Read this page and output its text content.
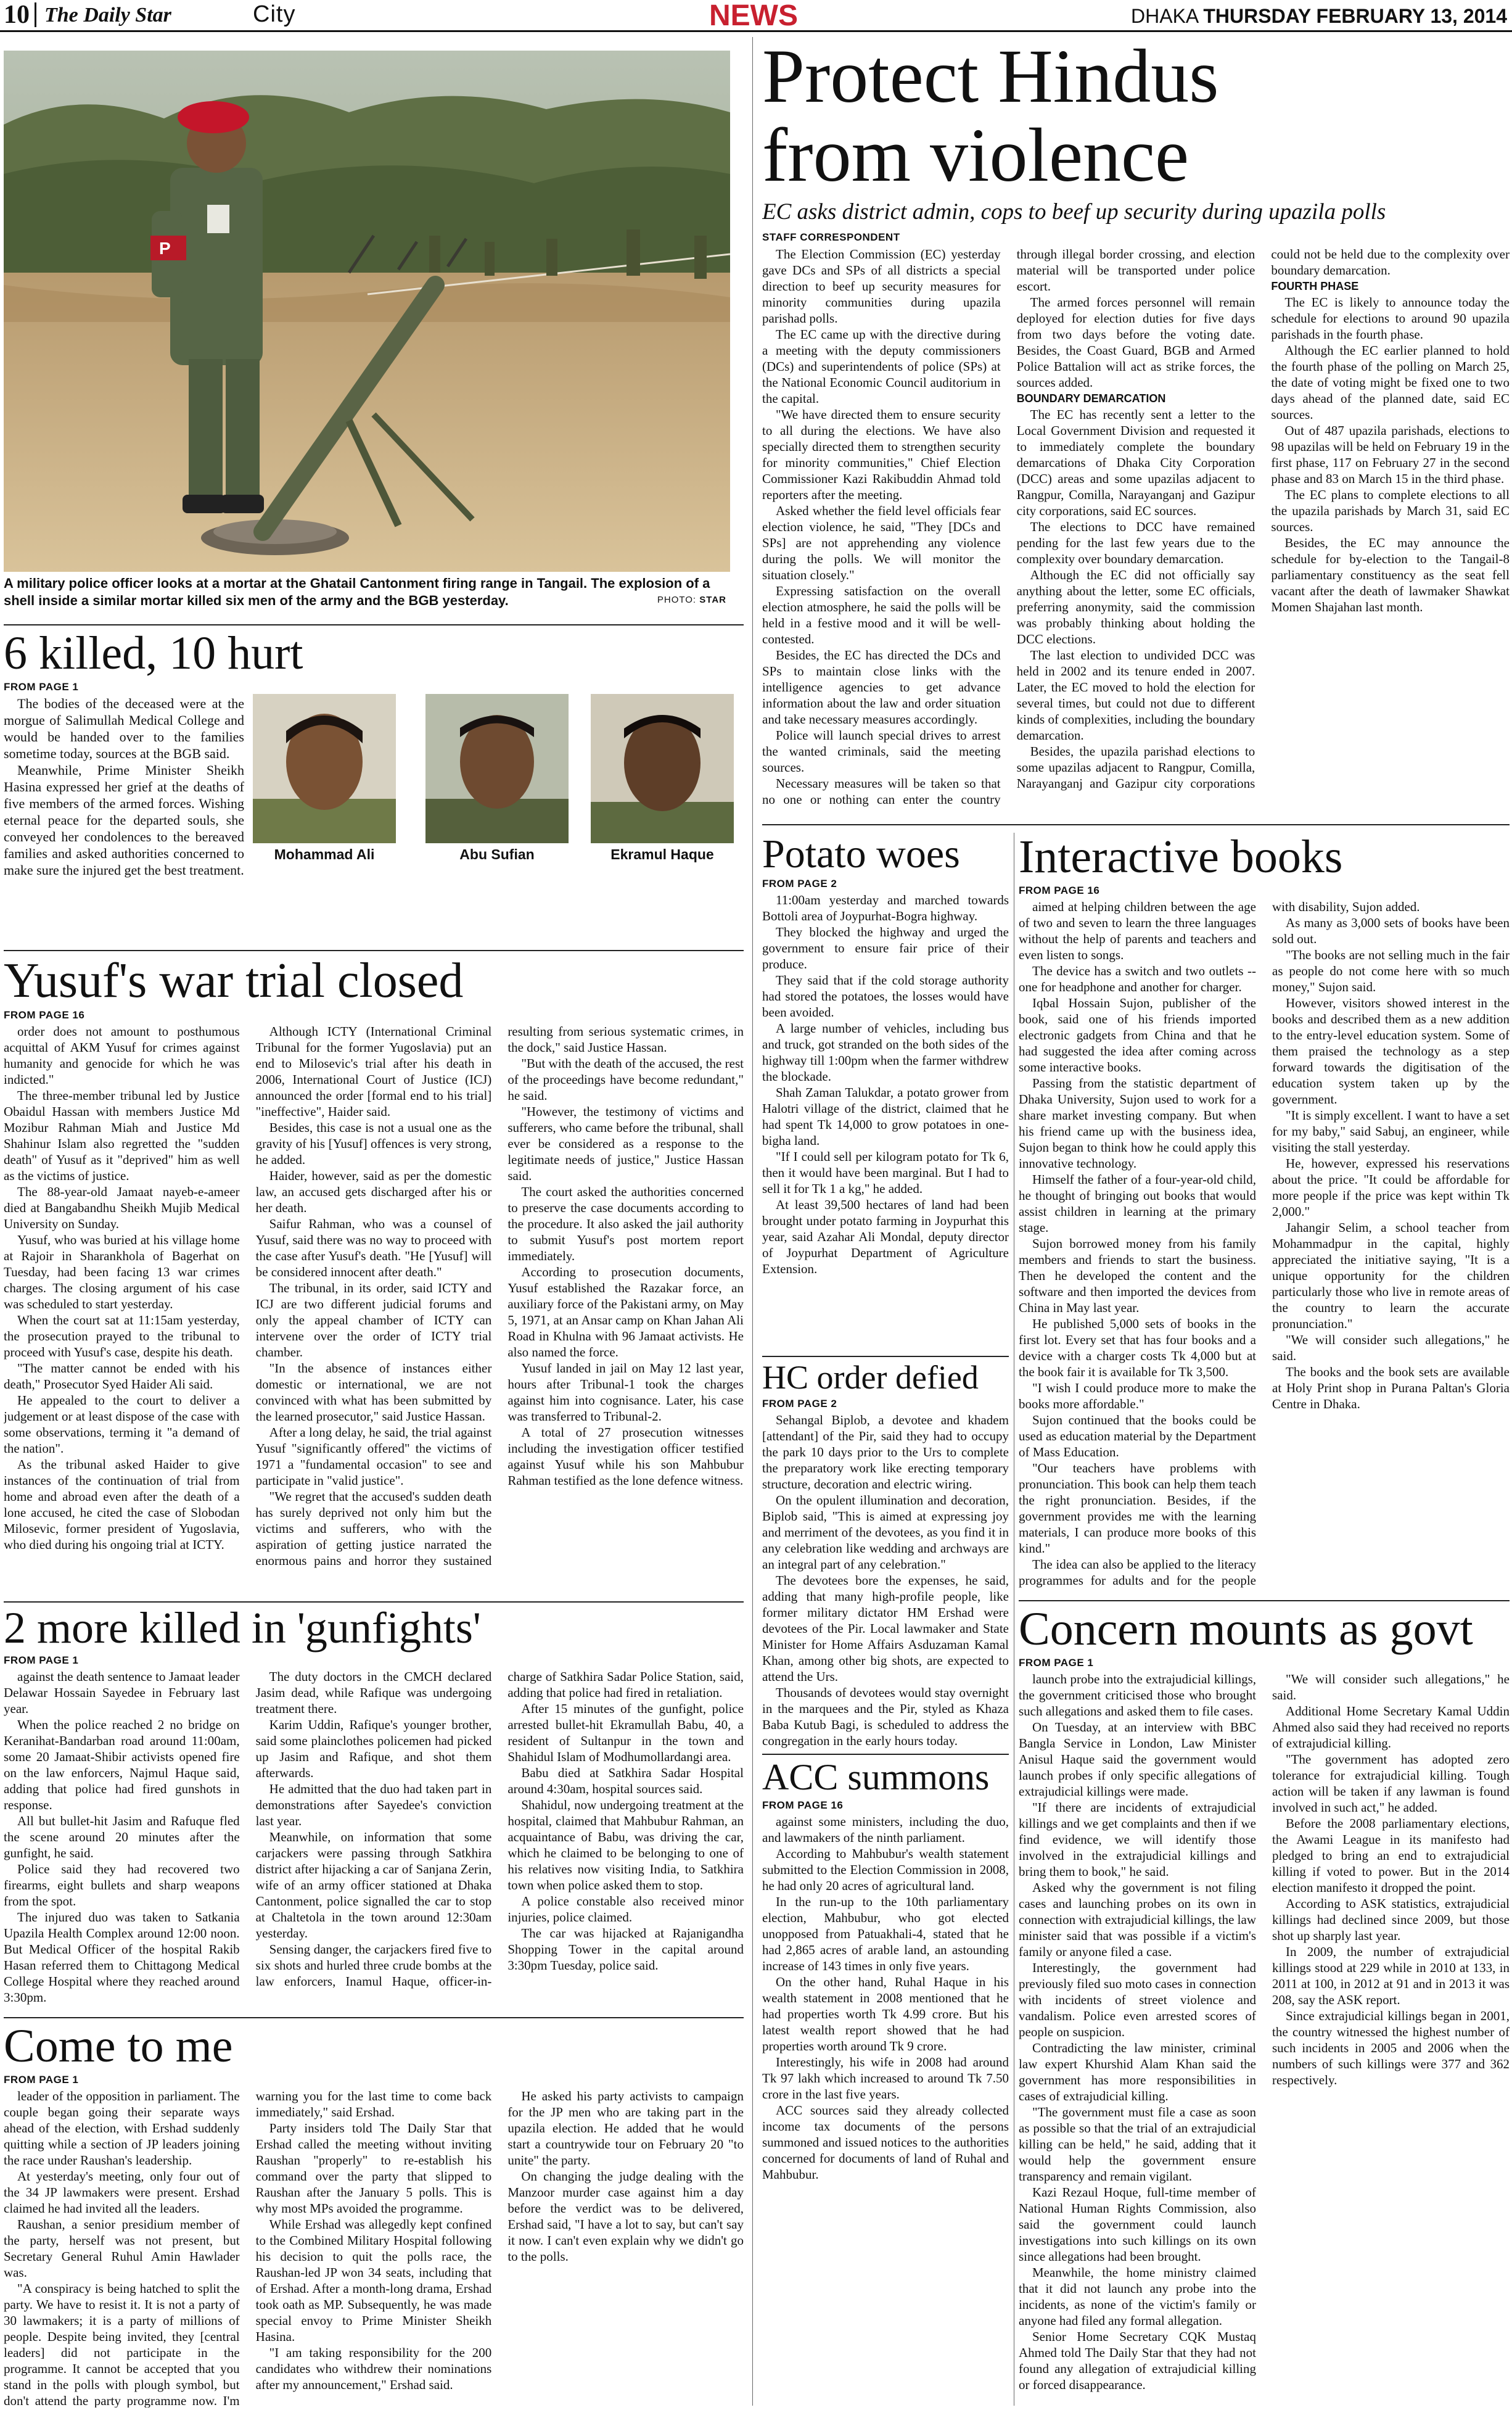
10 The Daily Star	City	NEWS	DHAKA THURSDAY FEBRUARY 13, 2014
P
A military police officer looks at a mortar at the Ghatail Cantonment firing range in Tangail. The explosion of a shell inside a similar mortar killed six men of the army and the BGB yesterday.	PHOTO: STAR
Protect Hindus
from violence
EC asks district admin, cops to beef up security during upazila polls
STAFF CORRESPONDENT

The Election Commission (EC) yesterday gave DCs and SPs of all districts a special direction to beef up security measures for minority communities during upazila parishad polls.

The EC came up with the directive during a meeting with the deputy commissioners (DCs) and superintendents of police (SPs) at the National Economic Council auditorium in the capital.

"We have directed them to ensure security to all during the elections. We have also specially directed them to strengthen security for minority communities," Chief Election Commissioner Kazi Rakibuddin Ahmad told reporters after the meeting.

Asked whether the field level officials fear election violence, he said, "They [DCs and SPs] are not apprehending any violence during the polls. We will monitor the situation closely."

Expressing satisfaction on the overall election atmosphere, he said the polls will be held in a festive mood and it will be well-contested.

Besides, the EC has directed the DCs and SPs to maintain close links with the intelligence agencies to get advance information about the law and order situation and take necessary measures accordingly.

Police will launch special drives to arrest the wanted criminals, said the meeting sources.

Necessary measures will be taken so that no one or nothing can enter the country through illegal border crossing, and election material will be transported under police escort.

The armed forces personnel will remain deployed for election duties for five days from two days before the voting date. Besides, the Coast Guard, BGB and Armed Police Battalion will act as strike forces, the sources added.

BOUNDARY DEMARCATION

The EC has recently sent a letter to the Local Government Division and requested it to immediately complete the boundary demarcations of Dhaka City Corporation (DCC) areas and some upazilas adjacent to Rangpur, Comilla, Narayanganj and Gazipur city corporations, said EC sources.

The elections to DCC have remained pending for the last few years due to the complexity over boundary demarcation.

Although the EC did not officially say anything about the letter, some EC officials, preferring anonymity, said the commission was probably thinking about holding the DCC elections.

The last election to undivided DCC was held in 2002 and its tenure ended in 2007. Later, the EC moved to hold the election for several times, but could not due to different kinds of complexities, including the boundary demarcation.

Besides, the upazila parishad elections to some upazilas adjacent to Rangpur, Comilla, Narayanganj and Gazipur city corporations could not be held due to the complexity over boundary demarcation.

FOURTH PHASE

The EC is likely to announce today the schedule for elections to around 90 upazila parishads in the fourth phase.

Although the EC earlier planned to hold the fourth phase of the polling on March 25, the date of voting might be fixed one to two days ahead of the planned date, said EC sources.

Out of 487 upazila parishads, elections to 98 upazilas will be held on February 19 in the first phase, 117 on February 27 in the second phase and 83 on March 15 in the third phase.

The EC plans to complete elections to all the upazila parishads by March 31, said EC sources.

Besides, the EC may announce the schedule for by-election to the Tangail-8 parliamentary constituency as the seat fell vacant after the death of lawmaker Shawkat Momen Shajahan last month.

6 killed, 10 hurt
FROM PAGE 1

The bodies of the deceased were at the morgue of Salimullah Medical College and would be handed over to the families sometime today, sources at the BGB said.

Meanwhile, Prime Minister Sheikh Hasina expressed her grief at the deaths of five members of the armed forces. Wishing eternal peace for the departed souls, she conveyed her condolences to the bereaved families and asked authorities concerned to make sure the injured get the best treatment.

Mohammad Ali	Abu Sufian	Ekramul Haque
Yusuf's war trial closed
FROM PAGE 16

order does not amount to posthumous acquittal of AKM Yusuf for crimes against humanity and genocide for which he was indicted."

The three-member tribunal led by Justice Obaidul Hassan with members Justice Md Mozibur Rahman Miah and Justice Md Shahinur Islam also regretted the "sudden death" of Yusuf as it "deprived" him as well as the victims of justice.

The 88-year-old Jamaat nayeb-e-ameer died at Bangabandhu Sheikh Mujib Medical University on Sunday.

Yusuf, who was buried at his village home at Rajoir in Sharankhola of Bagerhat on Tuesday, had been facing 13 war crimes charges. The closing argument of his case was scheduled to start yesterday.

When the court sat at 11:15am yesterday, the prosecution prayed to the tribunal to proceed with Yusuf's case, despite his death.

"The matter cannot be ended with his death," Prosecutor Syed Haider Ali said.

He appealed to the court to deliver a judgement or at least dispose of the case with some observations, terming it "a demand of the nation".

As the tribunal asked Haider to give instances of the continuation of trial from home and abroad even after the death of a lone accused, he cited the case of Slobodan Milosevic, former president of Yugoslavia, who died during his ongoing trial at ICTY.

Although ICTY (International Criminal Tribunal for the former Yugoslavia) put an end to Milosevic's trial after his death in 2006, International Court of Justice (ICJ) announced the order [formal end to his trial] "ineffective", Haider said.

Besides, this case is not a usual one as the gravity of his [Yusuf] offences is very strong, he added.

Haider, however, said as per the domestic law, an accused gets discharged after his or her death.

Saifur Rahman, who was a counsel of Yusuf, said there was no way to proceed with the case after Yusuf's death. "He [Yusuf] will be considered innocent after death."

The tribunal, in its order, said ICTY and ICJ are two different judicial forums and only the appeal chamber of ICTY can intervene over the order of ICTY trial chamber.

"In the absence of instances either domestic or international, we are not convinced with what has been submitted by the learned prosecutor," said Justice Hassan.

After a long delay, he said, the trial against Yusuf "significantly offered" the victims of 1971 a "fundamental occasion" to see and participate in "valid justice".

"We regret that the accused's sudden death has surely deprived not only him but the victims and sufferers, who with the aspiration of getting justice narrated the enormous pains and horror they sustained resulting from serious systematic crimes, in the dock," said Justice Hassan.

"But with the death of the accused, the rest of the proceedings have become redundant," he said.

"However, the testimony of victims and sufferers, who came before the tribunal, shall ever be considered as a response to the legitimate needs of justice," Justice Hassan said.

The court asked the authorities concerned to preserve the case documents according to the procedure. It also asked the jail authority to submit Yusuf's post mortem report immediately.

According to prosecution documents, Yusuf established the Razakar force, an auxiliary force of the Pakistani army, on May 5, 1971, at an Ansar camp on Khan Jahan Ali Road in Khulna with 96 Jamaat activists. He also named the force.

Yusuf landed in jail on May 12 last year, hours after Tribunal-1 took the charges against him into cognisance. Later, his case was transferred to Tribunal-2.

A total of 27 prosecution witnesses including the investigation officer testified against Yusuf while his son Mahbubur Rahman testified as the lone defence witness.

2 more killed in 'gunfights'
FROM PAGE 1

against the death sentence to Jamaat leader Delawar Hossain Sayedee in February last year.

When the police reached 2 no bridge on Keranihat-Bandarban road around 11:00am, some 20 Jamaat-Shibir activists opened fire on the law enforcers, Najmul Haque said, adding that police had fired gunshots in response.

All but bullet-hit Jasim and Rafuque fled the scene around 20 minutes after the gunfight, he said.

Police said they had recovered two firearms, eight bullets and sharp weapons from the spot.

The injured duo was taken to Satkania Upazila Health Complex around 12:00 noon. But Medical Officer of the hospital Rakib Hasan referred them to Chittagong Medical College Hospital where they reached around 3:30pm.

The duty doctors in the CMCH declared Jasim dead, while Rafique was undergoing treatment there.

Karim Uddin, Rafique's younger brother, said some plainclothes policemen had picked up Jasim and Rafique, and shot them afterwards.

He admitted that the duo had taken part in demonstrations after Sayedee's conviction last year.

Meanwhile, on information that some carjackers were passing through Satkhira district after hijacking a car of Sanjana Zerin, wife of an army officer stationed at Dhaka Cantonment, police signalled the car to stop at Chaltetola in the town around 12:30am yesterday.

Sensing danger, the carjackers fired five to six shots and hurled three crude bombs at the law enforcers, Inamul Haque, officer-in-charge of Satkhira Sadar Police Station, said, adding that police had fired in retaliation.

After 15 minutes of the gunfight, police arrested bullet-hit Ekramullah Babu, 40, a resident of Sultanpur in the town and Shahidul Islam of Modhumollardangi area.

Babu died at Satkhira Sadar Hospital around 4:30am, hospital sources said.

Shahidul, now undergoing treatment at the hospital, claimed that Mahbubur Rahman, an acquaintance of Babu, was driving the car, which he claimed to be belonging to one of his relatives now visiting India, to Satkhira town when police asked them to stop.

A police constable also received minor injuries, police claimed.

The car was hijacked at Rajanigandha Shopping Tower in the capital around 3:30pm Tuesday, police said.

Come to me
FROM PAGE 1

leader of the opposition in parliament. The couple began going their separate ways ahead of the election, with Ershad suddenly quitting while a section of JP leaders joining the race under Raushan's leadership.

At yesterday's meeting, only four out of the 34 JP lawmakers were present. Ershad claimed he had invited all the leaders.

Raushan, a senior presidium member of the party, herself was not present, but Secretary General Ruhul Amin Hawlader was.

"A conspiracy is being hatched to split the party. We have to resist it. It is not a party of 30 lawmakers; it is a party of millions of people. Despite being invited, they [central leaders] did not participate in the programme. It cannot be accepted that you stand in the polls with plough symbol, but don't attend the party programme now. I'm warning you for the last time to come back immediately," said Ershad.

Party insiders told The Daily Star that Ershad called the meeting without inviting Raushan "properly" to re-establish his command over the party that slipped to Raushan after the January 5 polls. This is why most MPs avoided the programme.

While Ershad was allegedly kept confined to the Combined Military Hospital following his decision to quit the polls race, the Raushan-led JP won 34 seats, including that of Ershad. After a month-long drama, Ershad took oath as MP. Subsequently, he was made special envoy to Prime Minister Sheikh Hasina.

"I am taking responsibility for the 200 candidates who withdrew their nominations after my announcement," Ershad said.

He asked his party activists to campaign for the JP men who are taking part in the upazila election. He added that he would start a countrywide tour on February 20 "to unite" the party.

On changing the judge dealing with the Manzoor murder case against him a day before the verdict was to be delivered, Ershad said, "I have a lot to say, but can't say it now. I can't even explain why we didn't go to the polls.

Potato woes
FROM PAGE 2

11:00am yesterday and marched towards Bottoli area of Joypurhat-Bogra highway.

They blocked the highway and urged the government to ensure fair price of their produce.

They said that if the cold storage authority had stored the potatoes, the losses would have been avoided.

A large number of vehicles, including bus and truck, got stranded on the both sides of the highway till 1:00pm when the farmer withdrew the blockade.

Shah Zaman Talukdar, a potato grower from Halotri village of the district, claimed that he had spent Tk 14,000 to grow potatoes in one-bigha land.

"If I could sell per kilogram potato for Tk 6, then it would have been marginal. But I had to sell it for Tk 1 a kg," he added.

At least 39,500 hectares of land had been brought under potato farming in Joypurhat this year, said Azahar Ali Mondal, deputy director of Joypurhat Department of Agriculture Extension.

HC order defied
FROM PAGE 2

Sehangal Biplob, a devotee and khadem [attendant] of the Pir, said they had to occupy the park 10 days prior to the Urs to complete the preparatory work like erecting temporary structure, decoration and electric wiring.

On the opulent illumination and decoration, Biplob said, "This is aimed at expressing joy and merriment of the devotees, as you find it in any celebration like wedding and archways are an integral part of any celebration."

The devotees bore the expenses, he said, adding that many high-profile people, like former military dictator HM Ershad were devotees of the Pir. Local lawmaker and State Minister for Home Affairs Asduzaman Kamal Khan, among other big shots, are expected to attend the Urs.

Thousands of devotees would stay overnight in the marquees and the Pir, styled as Khaza Baba Kutub Bagi, is scheduled to address the congregation in the early hours today.

ACC summons
FROM PAGE 16

against some ministers, including the duo, and lawmakers of the ninth parliament.

According to Mahbubur's wealth statement submitted to the Election Commission in 2008, he had only 20 acres of agricultural land.

In the run-up to the 10th parliamentary election, Mahbubur, who got elected unopposed from Patuakhali-4, stated that he had 2,865 acres of arable land, an astounding increase of 143 times in only five years.

On the other hand, Ruhal Haque in his wealth statement in 2008 mentioned that he had properties worth Tk 4.99 crore. But his latest wealth report showed that he had properties worth around Tk 9 crore.

Interestingly, his wife in 2008 had around Tk 97 lakh which increased to around Tk 7.50 crore in the last five years.

ACC sources said they already collected income tax documents of the persons summoned and issued notices to the authorities concerned for documents of land of Ruhal and Mahbubur.

Interactive books
FROM PAGE 16

aimed at helping children between the age of two and seven to learn the three languages without the help of parents and teachers and even listen to songs.

The device has a switch and two outlets -- one for headphone and another for charger.

Iqbal Hossain Sujon, publisher of the book, said one of his friends imported electronic gadgets from China and that he had suggested the idea after coming across some interactive books.

Passing from the statistic department of Dhaka University, Sujon used to work for a share market investing company. But when his friend came up with the business idea, Sujon began to think how he could apply this innovative technology.

Himself the father of a four-year-old child, he thought of bringing out books that would assist children in learning at the primary stage.

Sujon borrowed money from his family members and friends to start the business. Then he developed the content and the software and then imported the devices from China in May last year.

He published 5,000 sets of books in the first lot. Every set that has four books and a device with a charger costs Tk 4,000 but at the book fair it is available for Tk 3,500.

"I wish I could produce more to make the books more affordable."

Sujon continued that the books could be used as education material by the Department of Mass Education.

"Our teachers have problems with pronunciation. This book can help them teach the right pronunciation. Besides, if the government provides me with the learning materials, I can produce more books of this kind."

The idea can also be applied to the literacy programmes for adults and for the people with disability, Sujon added.

As many as 3,000 sets of books have been sold out.

"The books are not selling much in the fair as people do not come here with so much money," Sujon said.

However, visitors showed interest in the books and described them as a new addition to the entry-level education system. Some of them praised the technology as a step forward towards the digitisation of the education system taken up by the government.

"It is simply excellent. I want to have a set for my baby," said Sabuj, an engineer, while visiting the stall yesterday.

He, however, expressed his reservations about the price. "It could be affordable for more people if the price was kept within Tk 2,000."

Jahangir Selim, a school teacher from Mohammadpur in the capital, highly appreciated the initiative saying, "It is a unique opportunity for the children particularly those who live in remote areas of the country to learn the accurate pronunciation."

"We will consider such allegations," he said.

The books and the book sets are available at Holy Print shop in Purana Paltan's Gloria Centre in Dhaka.

Concern mounts as govt
FROM PAGE 1

launch probe into the extrajudicial killings, the government criticised those who brought such allegations and asked them to file cases.

On Tuesday, at an interview with BBC Bangla Service in London, Law Minister Anisul Haque said the government would launch probes if only specific allegations of extrajudicial killings were made.

"If there are incidents of extrajudicial killings and we get complaints and then if we find evidence, we will identify those involved in the extrajudicial killings and bring them to book," he said.

Asked why the government is not filing cases and launching probes on its own in connection with extrajudicial killings, the law minister said that was possible if a victim's family or anyone filed a case.

Interestingly, the government had previously filed suo moto cases in connection with incidents of street violence and vandalism. Police even arrested scores of people on suspicion.

Contradicting the law minister, criminal law expert Khurshid Alam Khan said the government has more responsibilities in cases of extrajudicial killing.

"The government must file a case as soon as possible so that the trial of an extrajudicial killing can be held," he said, adding that it would help the government ensure transparency and remain vigilant.

Kazi Rezaul Hoque, full-time member of National Human Rights Commission, also said the government could launch investigations into such killings on its own since allegations had been brought.

Meanwhile, the home ministry claimed that it did not launch any probe into the incidents, as none of the victim's family or anyone had filed any formal allegation.

Senior Home Secretary CQK Mustaq Ahmed told The Daily Star that they had not found any allegation of extrajudicial killing or forced disappearance.

"We will consider such allegations," he said.

Additional Home Secretary Kamal Uddin Ahmed also said they had received no reports of extrajudicial killing.

"The government has adopted zero tolerance for extrajudicial killing. Tough action will be taken if any lawman is found involved in such act," he added.

Before the 2008 parliamentary elections, the Awami League in its manifesto had pledged to bring an end to extrajudicial killing if voted to power. But in the 2014 election manifesto it dropped the point.

According to ASK statistics, extrajudicial killings had declined since 2009, but those shot up sharply last year.

In 2009, the number of extrajudicial killings stood at 229 while in 2010 at 133, in 2011 at 100, in 2012 at 91 and in 2013 it was 208, say the ASK report.

Since extrajudicial killings began in 2001, the country witnessed the highest number of such incidents in 2005 and 2006 when the numbers of such killings were 377 and 362 respectively.
